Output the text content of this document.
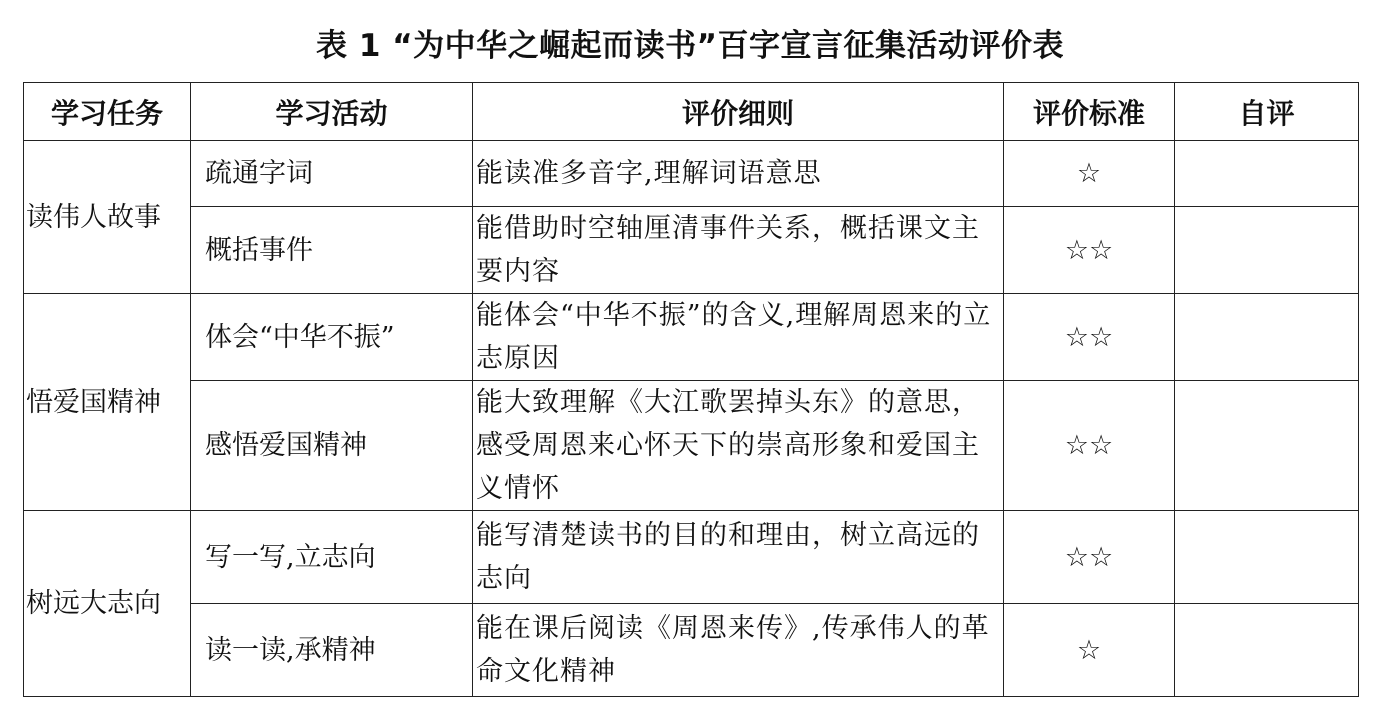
表 1 “为中华之崛起而读书”百字宣言征集活动评价表
学习任务	学习活动	评价细则	评价标准	自评
读伟人故事	疏通字词	能读准多音字,理解词语意思	☆	
	概括事件	能借助时空轴厘清事件关系，概括课文主要内容	☆☆	
悟爱国精神	体会“中华不振”	能体会“中华不振”的含义,理解周恩来的立志原因	☆☆	
	感悟爱国精神	能大致理解《大江歌罢掉头东》的意思，感受周恩来心怀天下的崇高形象和爱国主义情怀	☆☆	
树远大志向	写一写,立志向	能写清楚读书的目的和理由，树立高远的志向	☆☆	
	读一读,承精神	能在课后阅读《周恩来传》,传承伟人的革命文化精神	☆	
